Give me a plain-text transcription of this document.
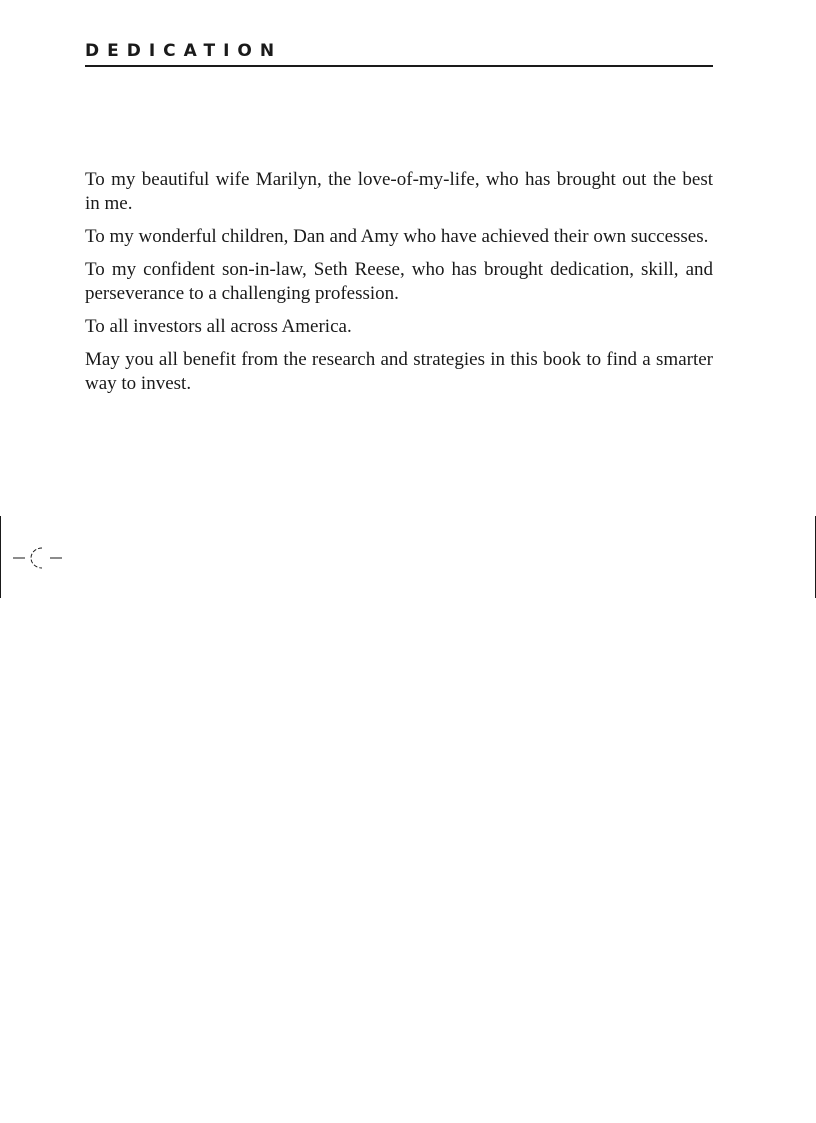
DEDICATION

To my beautiful wife Marilyn, the love-of-my-life, who has brought out the best in me.

To my wonderful children, Dan and Amy who have achieved their own successes.

To my confident son-in-law, Seth Reese, who has brought dedication, skill, and perseverance to a challenging profession.

To all investors all across America.

May you all benefit from the research and strategies in this book to find a smarter way to invest.
